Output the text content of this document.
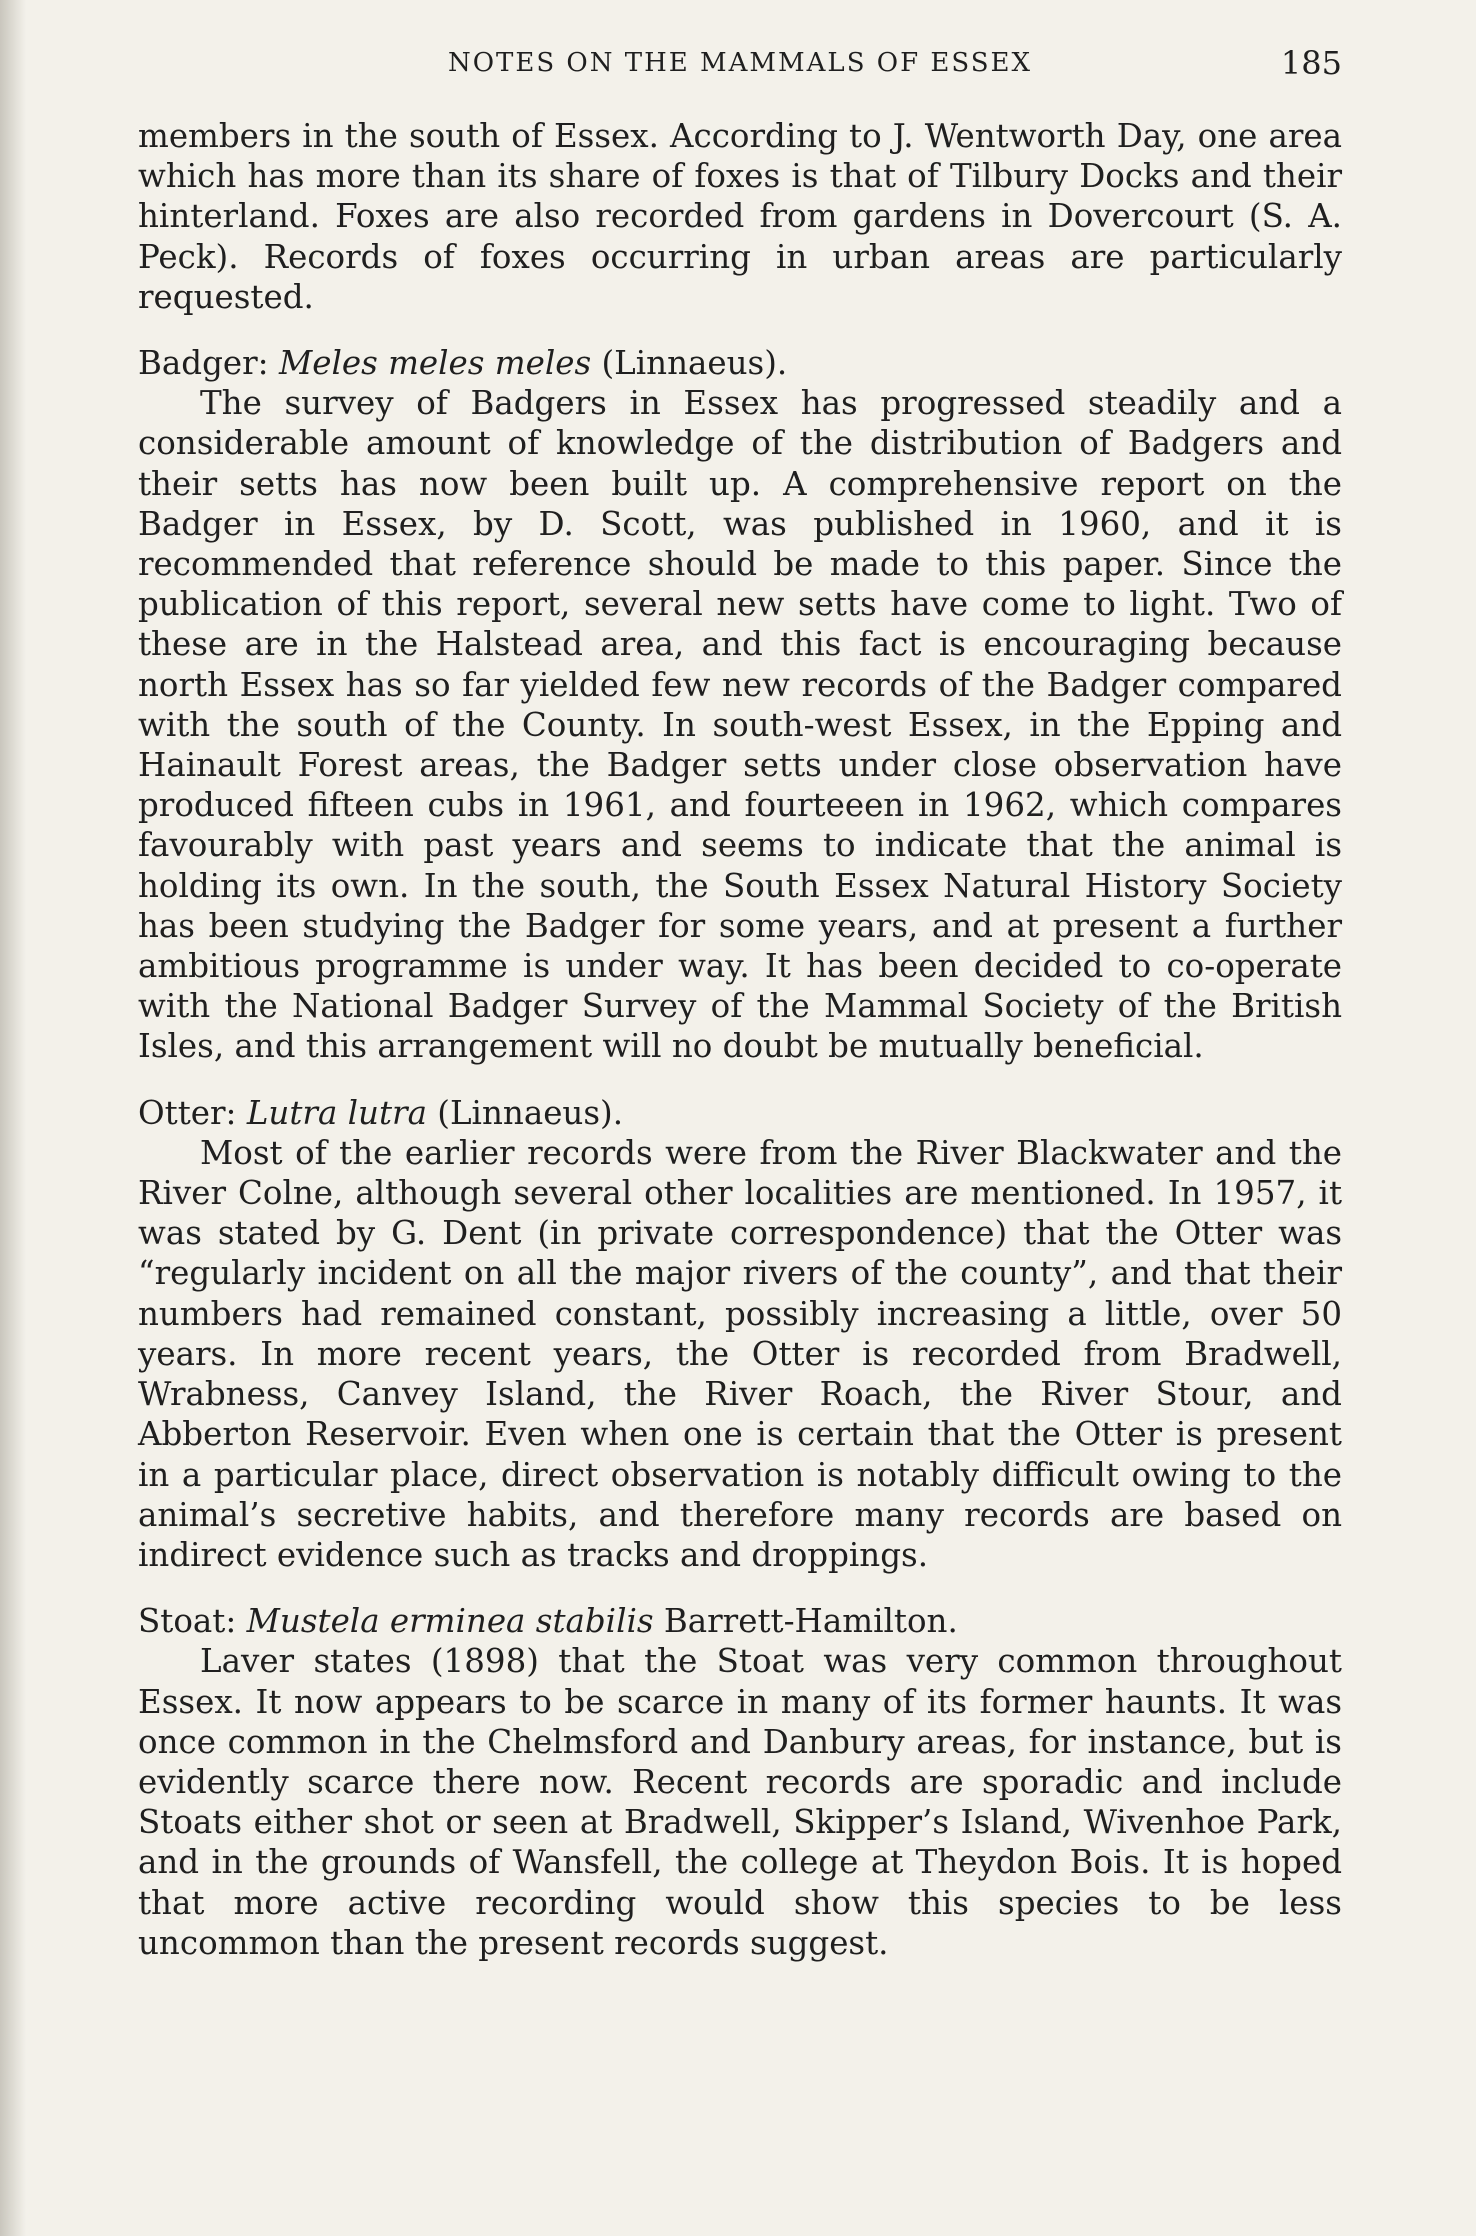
NOTES ON THE MAMMALS OF ESSEX	185

members in the south of Essex. According to J. Wentworth Day, one area which has more than its share of foxes is that of Tilbury Docks and their hinterland. Foxes are also recorded from gardens in Dovercourt (S. A. Peck). Records of foxes occurring in urban areas are particularly requested.

Badger: Meles meles meles (Linnaeus).

The survey of Badgers in Essex has progressed steadily and a considerable amount of knowledge of the distribution of Badgers and their setts has now been built up. A comprehensive report on the Badger in Essex, by D. Scott, was published in 1960, and it is recommended that reference should be made to this paper. Since the publication of this report, several new setts have come to light. Two of these are in the Halstead area, and this fact is encouraging because north Essex has so far yielded few new records of the Badger compared with the south of the County. In south-west Essex, in the Epping and Hainault Forest areas, the Badger setts under close observation have produced fifteen cubs in 1961, and fourteeen in 1962, which compares favourably with past years and seems to indicate that the animal is holding its own. In the south, the South Essex Natural History Society has been studying the Badger for some years, and at present a further ambitious programme is under way. It has been decided to co-operate with the National Badger Survey of the Mammal Society of the British Isles, and this arrangement will no doubt be mutually beneficial.

Otter: Lutra lutra (Linnaeus).

Most of the earlier records were from the River Blackwater and the River Colne, although several other localities are mentioned. In 1957, it was stated by G. Dent (in private correspondence) that the Otter was “regularly incident on all the major rivers of the county”, and that their numbers had remained constant, possibly increasing a little, over 50 years. In more recent years, the Otter is recorded from Bradwell, Wrabness, Canvey Island, the River Roach, the River Stour, and Abberton Reservoir. Even when one is certain that the Otter is present in a particular place, direct observation is notably difficult owing to the animal’s secretive habits, and therefore many records are based on indirect evidence such as tracks and droppings.

Stoat: Mustela erminea stabilis Barrett-Hamilton.

Laver states (1898) that the Stoat was very common throughout Essex. It now appears to be scarce in many of its former haunts. It was once common in the Chelmsford and Danbury areas, for instance, but is evidently scarce there now. Recent records are sporadic and include Stoats either shot or seen at Bradwell, Skipper’s Island, Wivenhoe Park, and in the grounds of Wansfell, the college at Theydon Bois. It is hoped that more active recording would show this species to be less uncommon than the present records suggest.
